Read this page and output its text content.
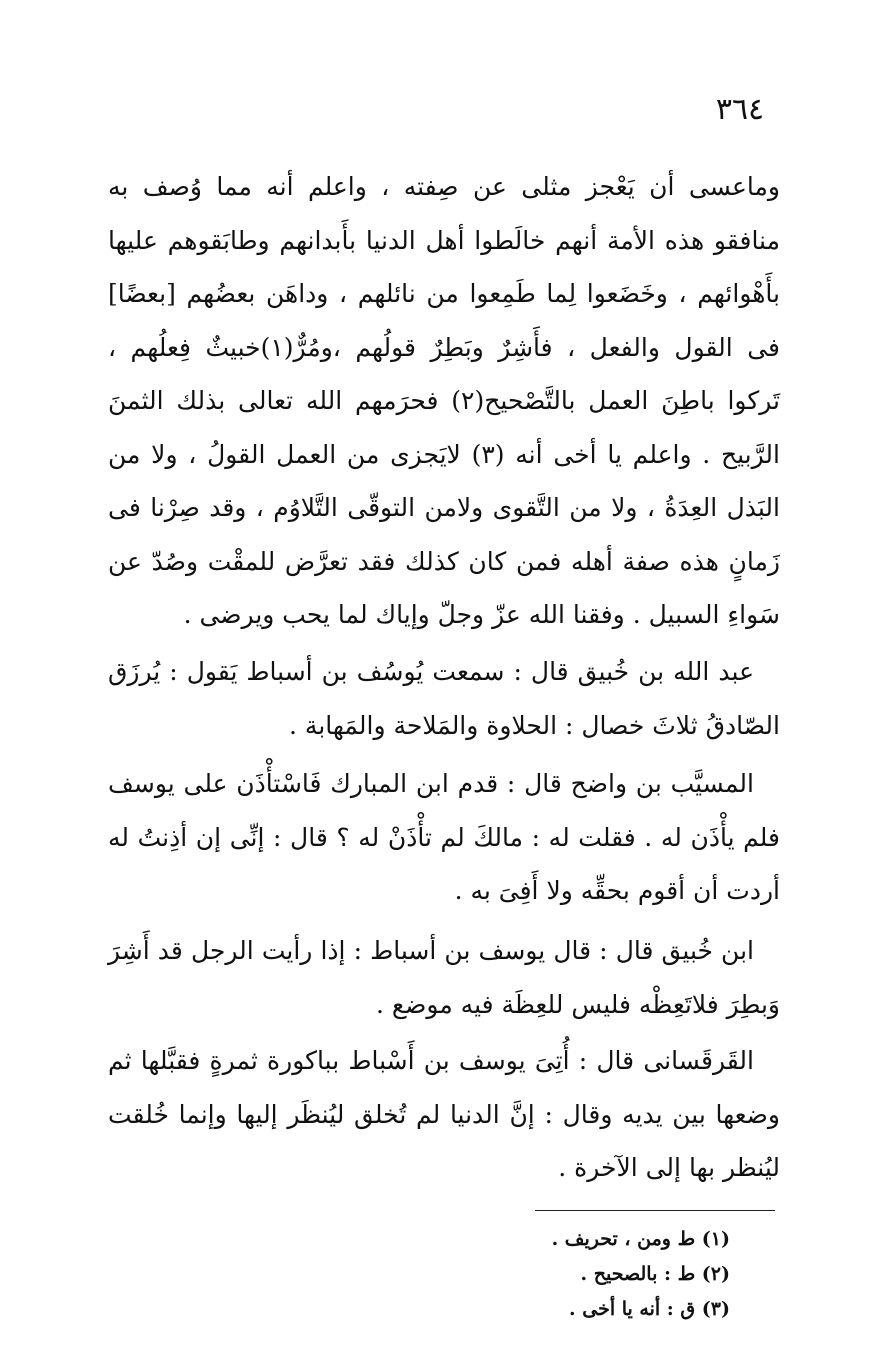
٣٦٤
وماعسى أن يَعْجز مثلى عن صِفته ، واعلم أنه مما وُصف به منافقو هذه الأمة أنهم خالَطوا أهل الدنيا بأَبدانهم وطابَقوهم عليها بأَهْوائهم ، وخَضَعوا لِما طَمِعوا من نائلهم ، وداهَن بعضُهم [بعضًا] فى القول والفعل ، فأَشِرٌ وبَطِرٌ قولُهم ،ومُرٌّ(١)خبيثٌ فِعلُهم ، تَركوا باطِنَ العمل بالتَّصْحيح(٢) فحرَمهم الله تعالى بذلك الثمنَ الرَّبيح . واعلم يا أخى أنه (٣) لايَجزى من العمل القولُ ، ولا من البَذل العِدَةُ ، ولا من التَّقوى ولامن التوقّى التَّلاوُم ، وقد صِرْنا فى زَمانٍ هذه صفة أهله فمن كان كذلك فقد تعرَّض للمقْت وصُدّ عن سَواءِ السبيل . وفقنا الله عزّ وجلّ وإياك لما يحب ويرضى .
عبد الله بن خُبيق قال : سمعت يُوسُف بن أسباط يَقول : يُرزَق الصّادقُ ثلاثَ خصال : الحلاوة والمَلاحة والمَهابة .
المسيَّب بن واضح قال : قدم ابن المبارك فَاسْتأْذَن على يوسف فلم يأْذَن له . فقلت له : مالكَ لم تأْذَنْ له ؟ قال : إنِّى إن أذِنتُ له أردت أن أقوم بحقِّه ولا أَفِىَ به .
ابن خُبيق قال : قال يوسف بن أسباط : إذا رأيت الرجل قد أَشِرَ وَبطِرَ فلاتَعِظْه فليس للعِظَة فيه موضع .
القَرقَسانى قال : أُتِىَ يوسف بن أَسْباط بباكورة ثمرةٍ فقبَّلها ثم وضعها بين يديه وقال : إنَّ الدنيا لم تُخلق ليُنظَر إليها وإنما خُلقت ليُنظر بها إلى الآخرة .
(١) ط ومن ، تحريف .
(٢) ط : بالصحيح .
(٣) ق : أنه يا أخى .
